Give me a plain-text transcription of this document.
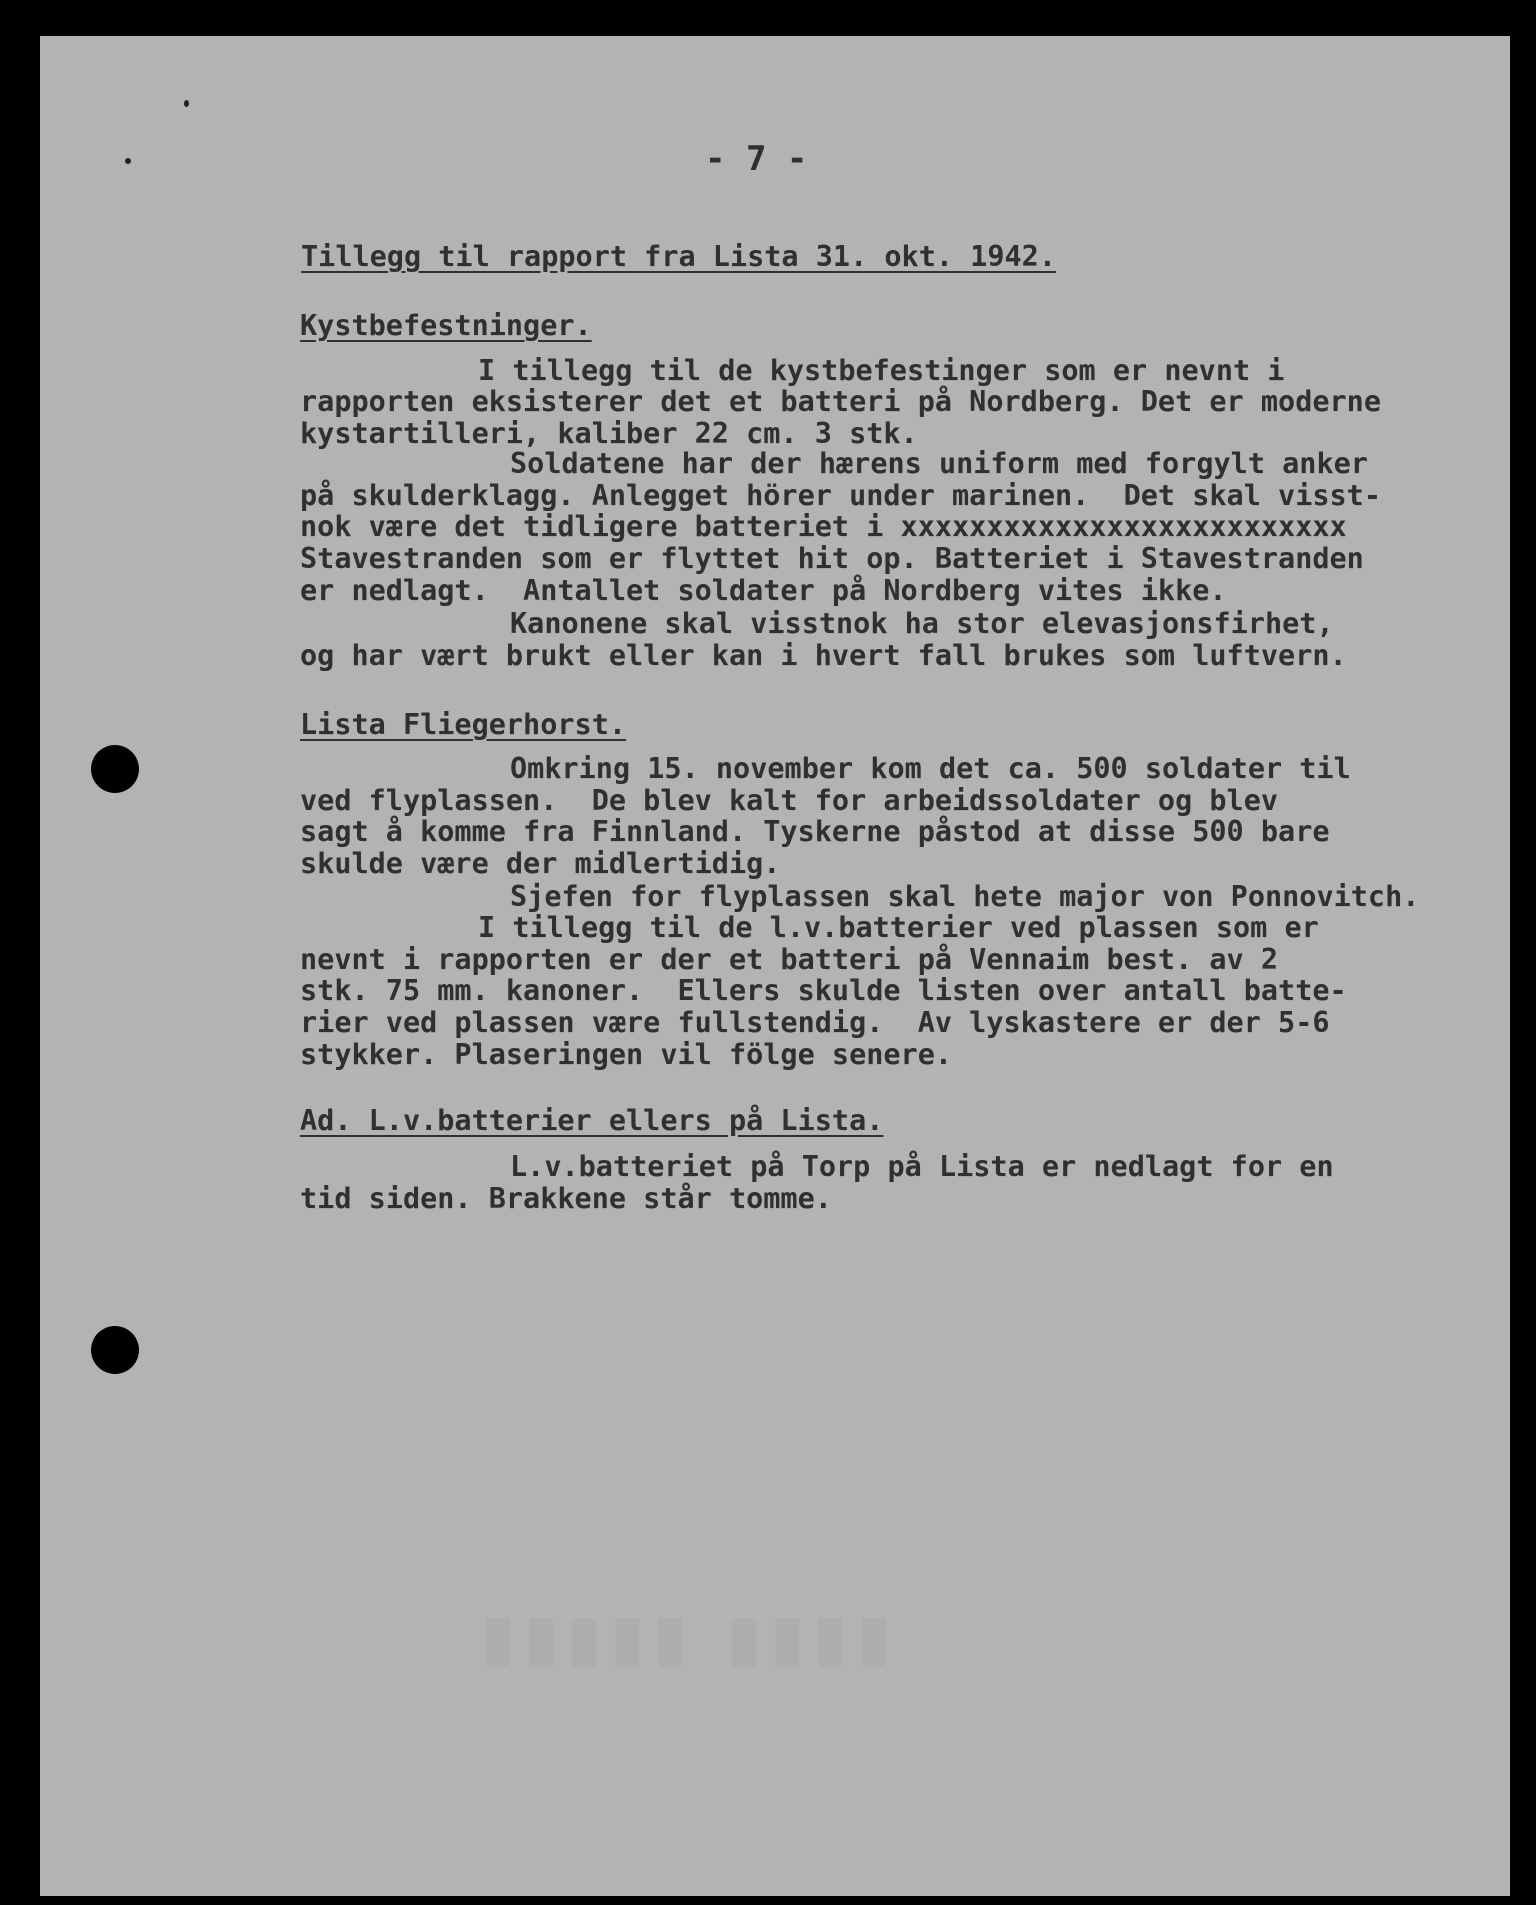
▮▮▮▮▮ ▮▮▮▮
- 7 -
Tillegg til rapport fra Lista 31. okt. 1942.
Kystbefestninger.
I tillegg til de kystbefestinger som er nevnt i
rapporten eksisterer det et batteri på Nordberg. Det er moderne
kystartilleri, kaliber 22 cm. 3 stk.
Soldatene har der hærens uniform med forgylt anker
på skulderklagg. Anlegget hörer under marinen.  Det skal visst-
nok være det tidligere batteriet i xxxxxxxxxxxxxxxxxxxxxxxxxx
Stavestranden som er flyttet hit op. Batteriet i Stavestranden
er nedlagt.  Antallet soldater på Nordberg vites ikke.
Kanonene skal visstnok ha stor elevasjonsfirhet,
og har vært brukt eller kan i hvert fall brukes som luftvern.
Lista Fliegerhorst.
Omkring 15. november kom det ca. 500 soldater til
ved flyplassen.  De blev kalt for arbeidssoldater og blev
sagt å komme fra Finnland. Tyskerne påstod at disse 500 bare
skulde være der midlertidig.
Sjefen for flyplassen skal hete major von Ponnovitch.
I tillegg til de l.v.batterier ved plassen som er
nevnt i rapporten er der et batteri på Vennaim best. av 2
stk. 75 mm. kanoner.  Ellers skulde listen over antall batte-
rier ved plassen være fullstendig.  Av lyskastere er der 5-6
stykker. Plaseringen vil fölge senere.
Ad. L.v.batterier ellers på Lista.
L.v.batteriet på Torp på Lista er nedlagt for en
tid siden. Brakkene står tomme.
